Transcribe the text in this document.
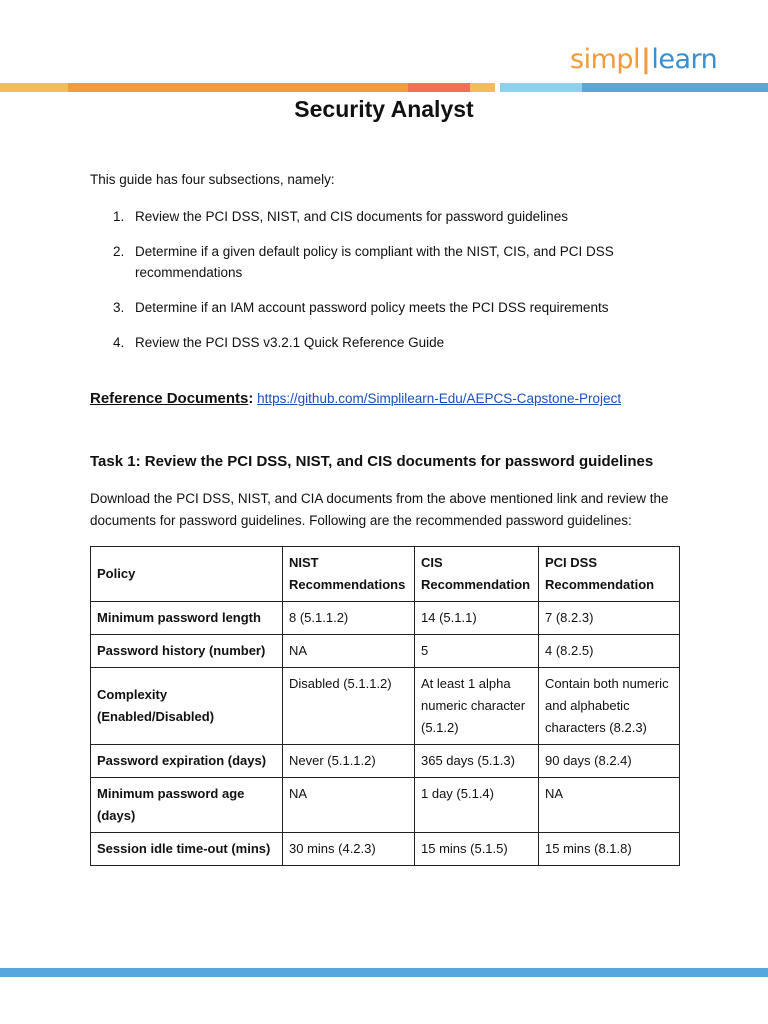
simpl|learn
Security Analyst
This guide has four subsections, namely:
1. Review the PCI DSS, NIST, and CIS documents for password guidelines
2. Determine if a given default policy is compliant with the NIST, CIS, and PCI DSS recommendations
3. Determine if an IAM account password policy meets the PCI DSS requirements
4. Review the PCI DSS v3.2.1 Quick Reference Guide
Reference Documents: https://github.com/Simplilearn-Edu/AEPCS-Capstone-Project
Task 1: Review the PCI DSS, NIST, and CIS documents for password guidelines
Download the PCI DSS, NIST, and CIA documents from the above mentioned link and review the documents for password guidelines. Following are the recommended password guidelines:
Policy	NIST Recommendations	CIS Recommendation	PCI DSS Recommendation
Minimum password length	8 (5.1.1.2)	14 (5.1.1)	7 (8.2.3)
Password history (number)	NA	5	4 (8.2.5)
Complexity (Enabled/Disabled)	Disabled (5.1.1.2)	At least 1 alpha numeric character (5.1.2)	Contain both numeric and alphabetic characters (8.2.3)
Password expiration (days)	Never (5.1.1.2)	365 days (5.1.3)	90 days (8.2.4)
Minimum password age (days)	NA	1 day (5.1.4)	NA
Session idle time-out (mins)	30 mins (4.2.3)	15 mins (5.1.5)	15 mins (8.1.8)
